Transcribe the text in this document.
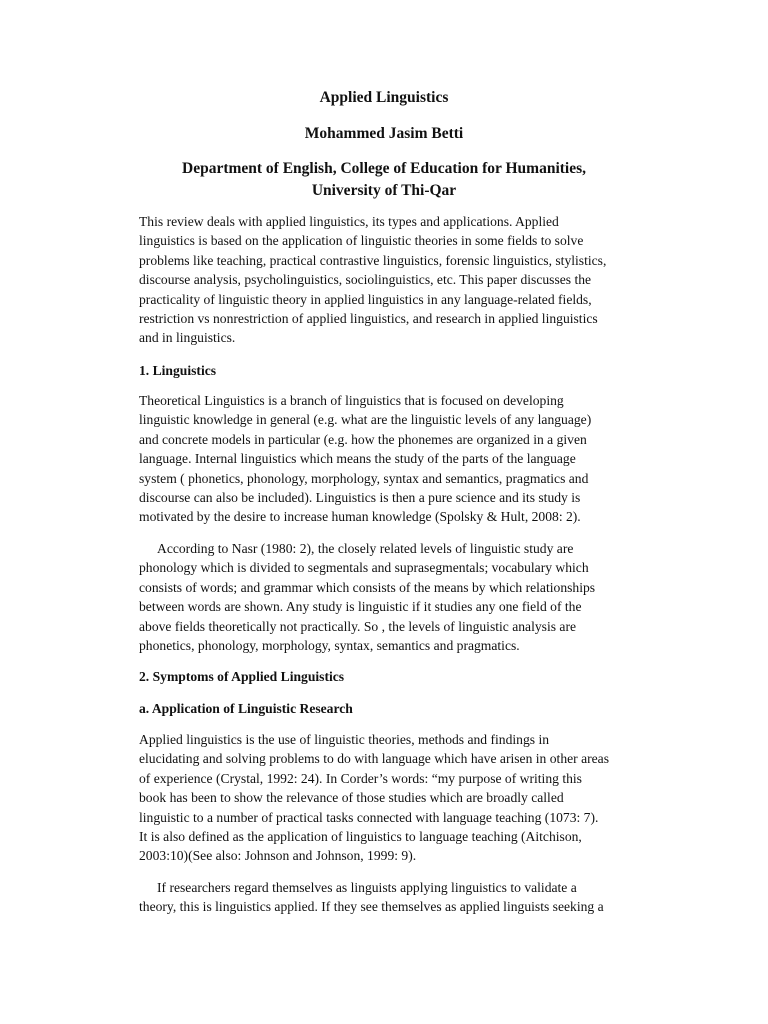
Applied Linguistics
Mohammed Jasim Betti
Department of English, College of Education for Humanities,
University of Thi-Qar

This review deals with applied linguistics, its types and applications. Applied
linguistics is based on the application of linguistic theories in some fields to solve
problems like teaching, practical contrastive linguistics, forensic linguistics, stylistics,
discourse analysis, psycholinguistics, sociolinguistics, etc. This paper discusses the
practicality of linguistic theory in applied linguistics in any language-related fields,
restriction vs nonrestriction of applied linguistics, and research in applied linguistics
and in linguistics.

1. Linguistics

Theoretical Linguistics is a branch of linguistics that is focused on developing
linguistic knowledge in general (e.g. what are the linguistic levels of any language)
and concrete models in particular (e.g. how the phonemes are organized in a given
language. Internal linguistics which means the study of the parts of the language
system ( phonetics, phonology, morphology, syntax and semantics, pragmatics and
discourse can also be included). Linguistics is then a pure science and its study is
motivated by the desire to increase human knowledge (Spolsky & Hult, 2008: 2).

According to Nasr (1980: 2), the closely related levels of linguistic study are
phonology which is divided to segmentals and suprasegmentals; vocabulary which
consists of words; and grammar which consists of the means by which relationships
between words are shown. Any study is linguistic if it studies any one field of the
above fields theoretically not practically. So , the levels of linguistic analysis are
phonetics, phonology, morphology, syntax, semantics and pragmatics.

2. Symptoms of Applied Linguistics
a. Application of Linguistic Research

Applied linguistics is the use of linguistic theories, methods and findings in
elucidating and solving problems to do with language which have arisen in other areas
of experience (Crystal, 1992: 24). In Corder’s words: “my purpose of writing this
book has been to show the relevance of those studies which are broadly called
linguistic to a number of practical tasks connected with language teaching (1073: 7).
It is also defined as the application of linguistics to language teaching (Aitchison,
2003:10)(See also: Johnson and Johnson, 1999: 9).

If researchers regard themselves as linguists applying linguistics to validate a
theory, this is linguistics applied. If they see themselves as applied linguists seeking a
